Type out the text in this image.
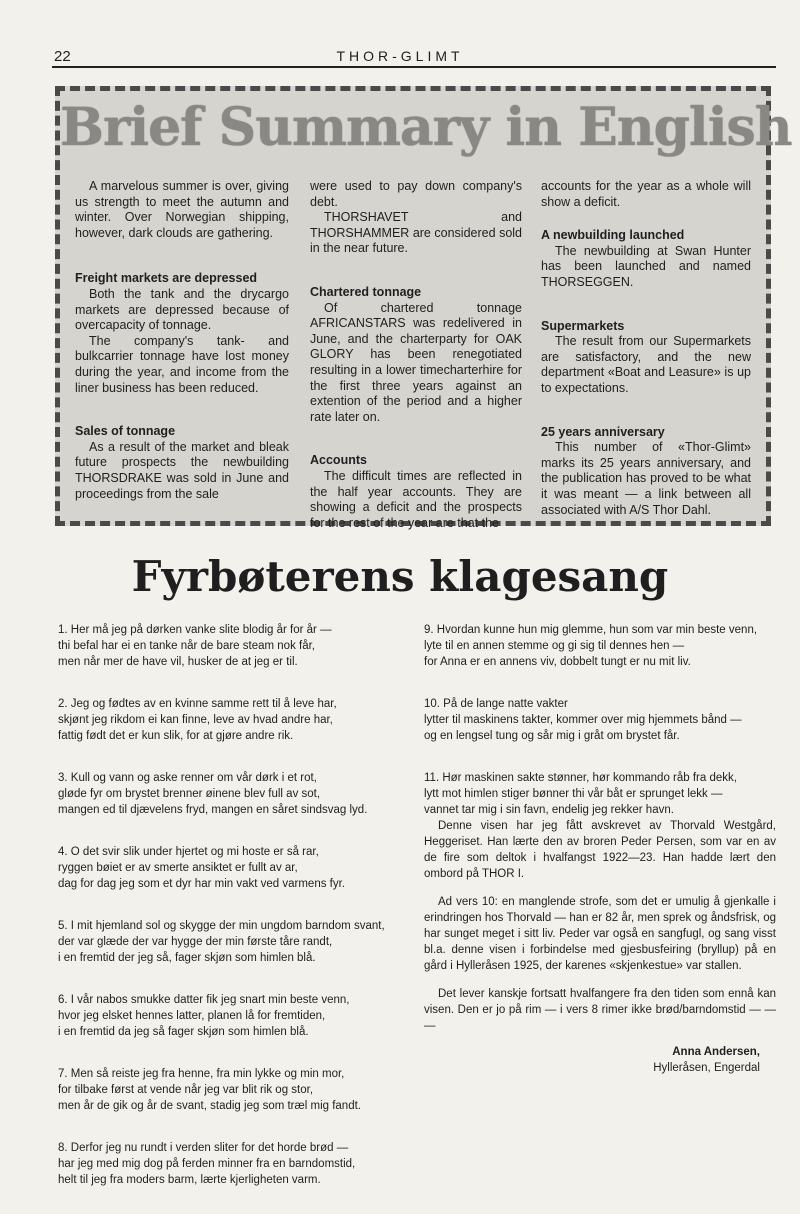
22	THOR-GLIMT
Brief Summary in English

A marvelous summer is over, giving us strength to meet the autumn and winter. Over Norwegian shipping, however, dark clouds are gathering.

Freight markets are depressed

Both the tank and the drycargo markets are depressed because of overcapacity of tonnage.

The company's tank- and bulkcarrier tonnage have lost money during the year, and income from the liner business has been reduced.

Sales of tonnage

As a result of the market and bleak future prospects the newbuilding THORSDRAKE was sold in June and proceedings from the sale

were used to pay down company's debt.

THORSHAVET and THORSHAMMER are considered sold in the near future.

Chartered tonnage

Of chartered tonnage AFRICANSTARS was redelivered in June, and the charterparty for OAK GLORY has been renegotiated resulting in a lower timecharterhire for the first three years against an extention of the period and a higher rate later on.

Accounts

The difficult times are reflected in the half year accounts. They are showing a deficit and the prospects for the rest of the year are that the

accounts for the year as a whole will show a deficit.

A newbuilding launched

The newbuilding at Swan Hunter has been launched and named THORSEGGEN.

Supermarkets

The result from our Supermarkets are satisfactory, and the new department «Boat and Leasure» is up to expectations.

25 years anniversary

This number of «Thor-Glimt» marks its 25 years anniversary, and the publication has proved to be what it was meant — a link between all associated with A/S Thor Dahl.

Fyrbøterens klagesang

1. Her må jeg på dørken vanke slite blodig år for år —
thi befal har ei en tanke når de bare steam nok får,
men når mer de have vil, husker de at jeg er til.

2. Jeg og fødtes av en kvinne samme rett til å leve har,
skjønt jeg rikdom ei kan finne, leve av hvad andre har,
fattig født det er kun slik, for at gjøre andre rik.

3. Kull og vann og aske renner om vår dørk i et rot,
gløde fyr om brystet brenner øinene blev full av sot,
mangen ed til djævelens fryd, mangen en såret sindsvag lyd.

4. O det svir slik under hjertet og mi hoste er så rar,
ryggen bøiet er av smerte ansiktet er fullt av ar,
dag for dag jeg som et dyr har min vakt ved varmens fyr.

5. I mit hjemland sol og skygge der min ungdom barndom svant,
der var glæde der var hygge der min første tåre randt,
i en fremtid der jeg så, fager skjøn som himlen blå.

6. I vår nabos smukke datter fik jeg snart min beste venn,
hvor jeg elsket hennes latter, planen lå for fremtiden,
i en fremtid da jeg så fager skjøn som himlen blå.

7. Men så reiste jeg fra henne, fra min lykke og min mor,
for tilbake først at vende når jeg var blit rik og stor,
men år de gik og år de svant, stadig jeg som træl mig fandt.

8. Derfor jeg nu rundt i verden sliter for det horde brød —
har jeg med mig dog på ferden minner fra en barndomstid,
helt til jeg fra moders barm, lærte kjerligheten varm.

9. Hvordan kunne hun mig glemme, hun som var min beste venn,
lyte til en annen stemme og gi sig til dennes hen —
for Anna er en annens viv, dobbelt tungt er nu mit liv.

10. På de lange natte vakter
lytter til maskinens takter, kommer over mig hjemmets bånd —
og en lengsel tung og sår mig i gråt om brystet får.

11. Hør maskinen sakte stønner, hør kommando råb fra dekk,
lytt mot himlen stiger bønner thi vår båt er sprunget lekk —
vannet tar mig i sin favn, endelig jeg rekker havn.

Denne visen har jeg fått avskrevet av Thorvald Westgård, Heggeriset. Han lærte den av broren Peder Persen, som var en av de fire som deltok i hvalfangst 1922—23. Han hadde lært den ombord på THOR I.

Ad vers 10: en manglende strofe, som det er umulig å gjenkalle i erindringen hos Thorvald — han er 82 år, men sprek og åndsfrisk, og har sunget meget i sitt liv. Peder var også en sangfugl, og sang visst bl.a. denne visen i forbindelse med gjesbusfeiring (bryllup) på en gård i Hylleråsen 1925, der karenes «skjenkestue» var stallen.

Det lever kanskje fortsatt hvalfangere fra den tiden som ennå kan visen. Den er jo på rim — i vers 8 rimer ikke brød/barndomstid — — —

Anna Andersen,
Hylleråsen, Engerdal
